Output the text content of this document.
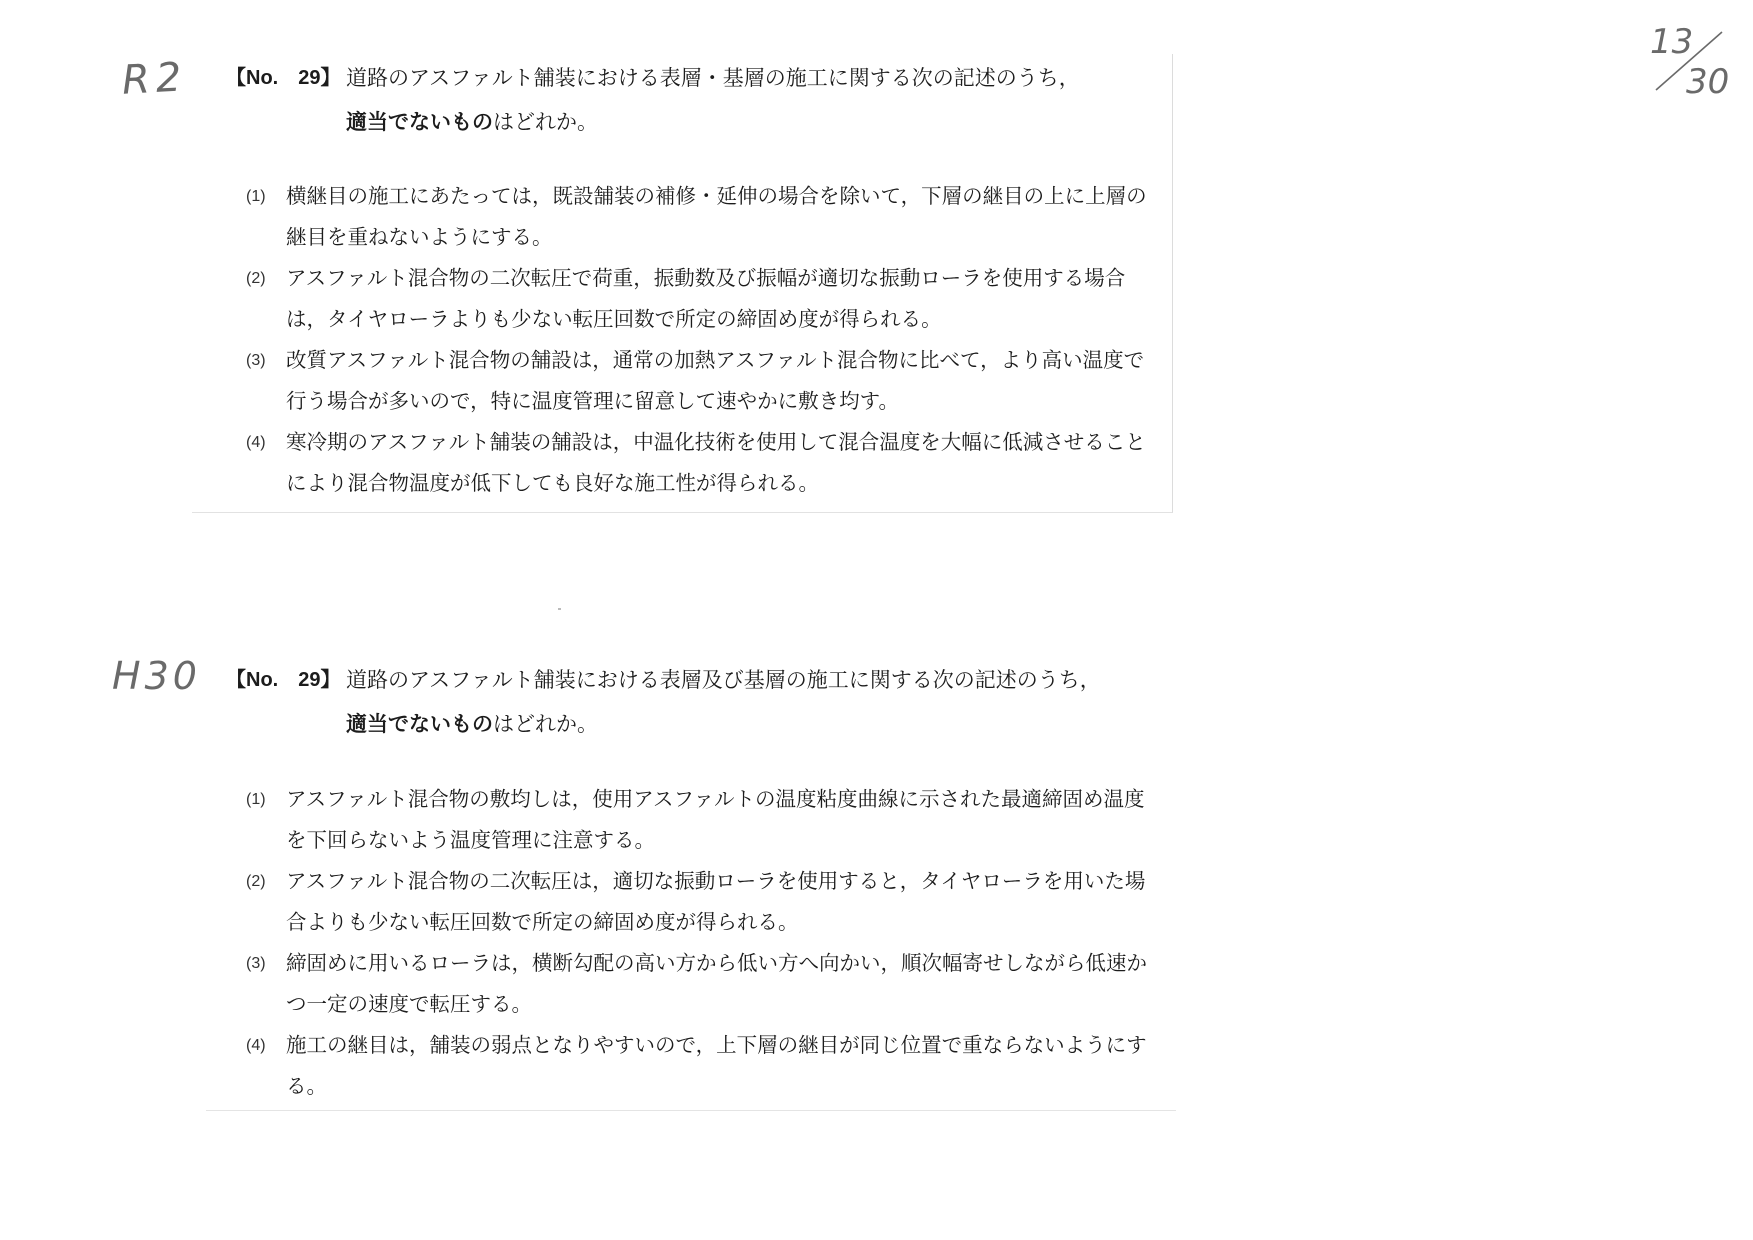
R2
H30
13
30
【No.　29】 道路のアスファルト舗装における表層・基層の施工に関する次の記述のうち，
適当でないものはどれか。
(1) 横継目の施工にあたっては，既設舗装の補修・延伸の場合を除いて，下層の継目の上に上層の
継目を重ねないようにする。
(2) アスファルト混合物の二次転圧で荷重，振動数及び振幅が適切な振動ローラを使用する場合
は，タイヤローラよりも少ない転圧回数で所定の締固め度が得られる。
(3) 改質アスファルト混合物の舗設は，通常の加熱アスファルト混合物に比べて，より高い温度で
行う場合が多いので，特に温度管理に留意して速やかに敷き均す。
(4) 寒冷期のアスファルト舗装の舗設は，中温化技術を使用して混合温度を大幅に低減させること
により混合物温度が低下しても良好な施工性が得られる。
【No.　29】 道路のアスファルト舗装における表層及び基層の施工に関する次の記述のうち，
適当でないものはどれか。
(1) アスファルト混合物の敷均しは，使用アスファルトの温度粘度曲線に示された最適締固め温度
を下回らないよう温度管理に注意する。
(2) アスファルト混合物の二次転圧は，適切な振動ローラを使用すると，タイヤローラを用いた場
合よりも少ない転圧回数で所定の締固め度が得られる。
(3) 締固めに用いるローラは，横断勾配の高い方から低い方へ向かい，順次幅寄せしながら低速か
つ一定の速度で転圧する。
(4) 施工の継目は，舗装の弱点となりやすいので，上下層の継目が同じ位置で重ならないようにす
る。
